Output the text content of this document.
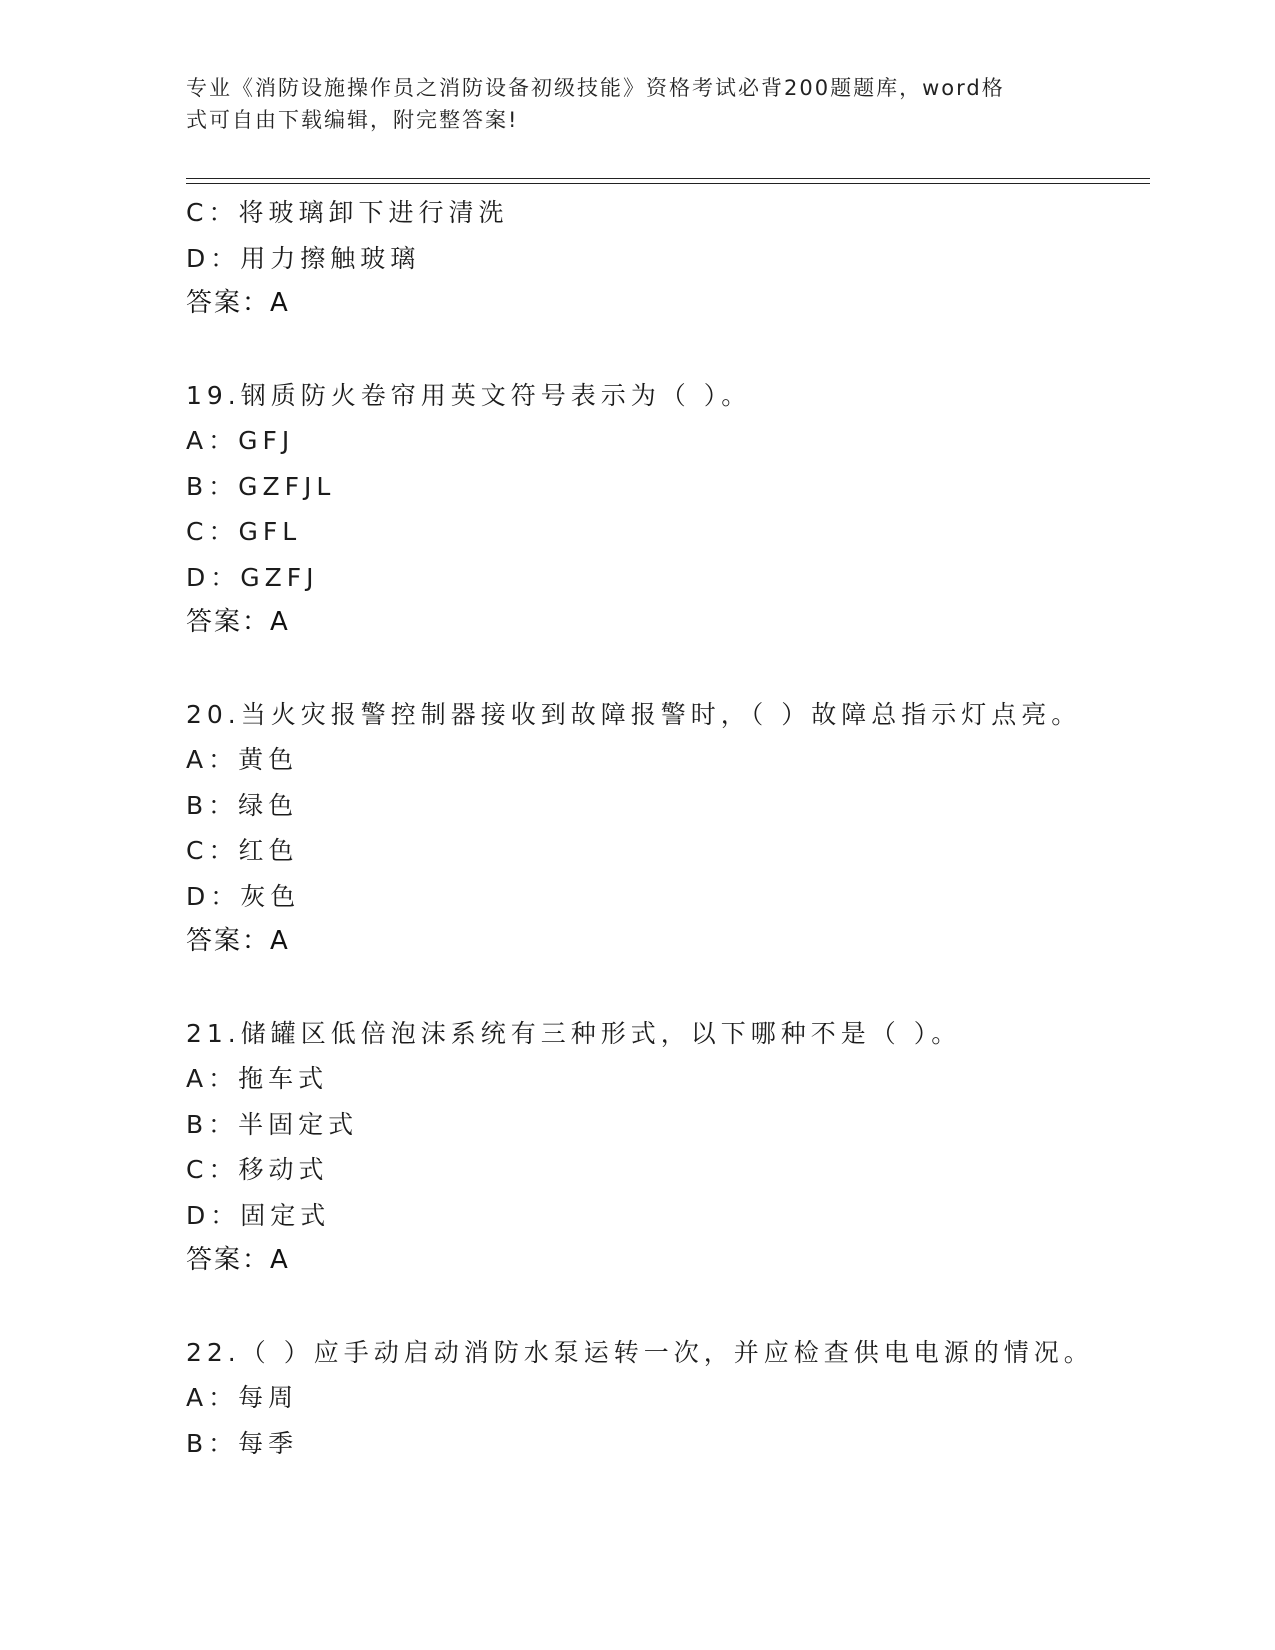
专业《消防设施操作员之消防设备初级技能》资格考试必背200题题库，word格
式可自由下载编辑，附完整答案!
C：将玻璃卸下进行清洗
D：用力擦触玻璃
答案：A
19.钢质防火卷帘用英文符号表示为（ ）。
A：GFJ
B：GZFJL
C：GFL
D：GZFJ
答案：A
20.当火灾报警控制器接收到故障报警时，（ ）故障总指示灯点亮。
A：黄色
B：绿色
C：红色
D：灰色
答案：A
21.储罐区低倍泡沫系统有三种形式，以下哪种不是（ ）。
A：拖车式
B：半固定式
C：移动式
D：固定式
答案：A
22.（ ）应手动启动消防水泵运转一次，并应检查供电电源的情况。
A：每周
B：每季
